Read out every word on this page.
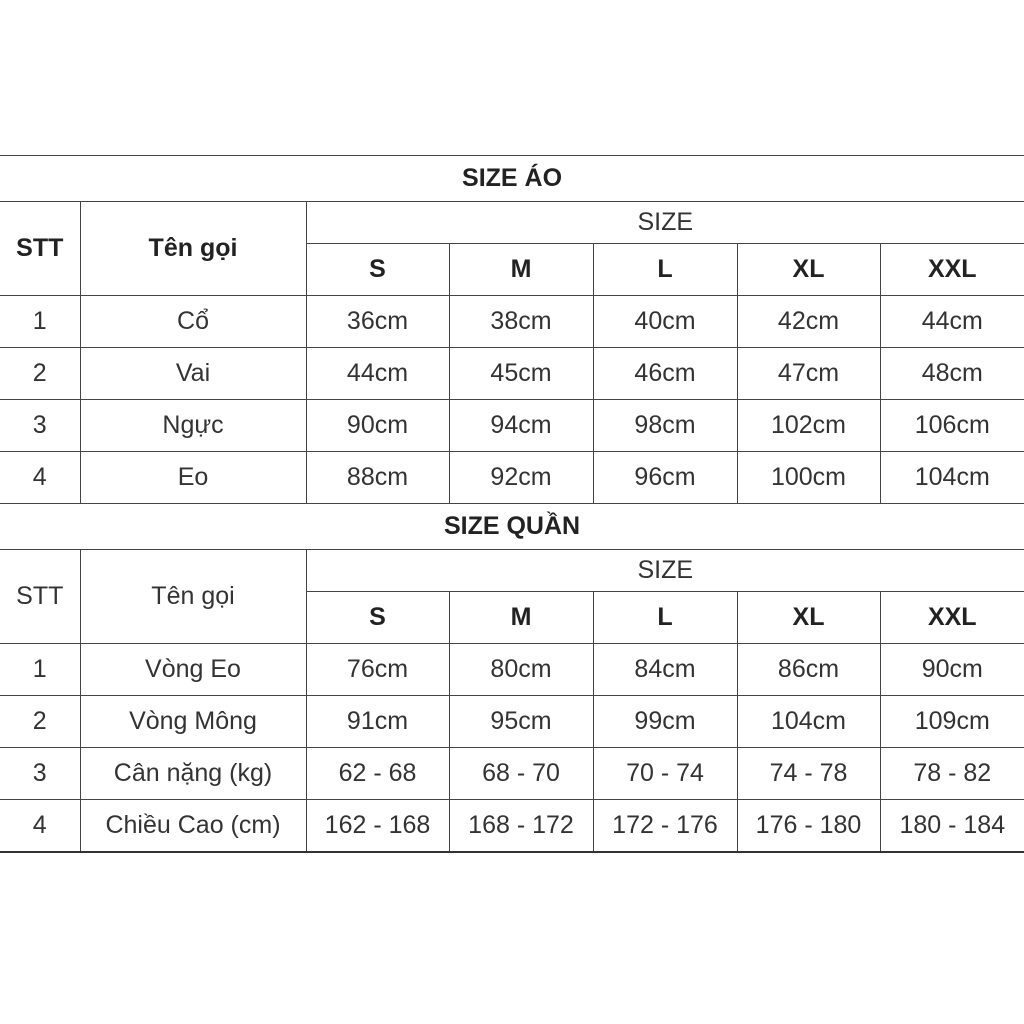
SIZE ÁO						
STT	Tên gọi	SIZE				
		S	M	L	XL	XXL
1	Cổ	36cm	38cm	40cm	42cm	44cm
2	Vai	44cm	45cm	46cm	47cm	48cm
3	Ngực	90cm	94cm	98cm	102cm	106cm
4	Eo	88cm	92cm	96cm	100cm	104cm
SIZE QUẦN						
STT	Tên gọi	SIZE				
		S	M	L	XL	XXL
1	Vòng Eo	76cm	80cm	84cm	86cm	90cm
2	Vòng Mông	91cm	95cm	99cm	104cm	109cm
3	Cân nặng (kg)	62 - 68	68 - 70	70 - 74	74 - 78	78 - 82
4	Chiều Cao (cm)	162 - 168	168 - 172	172 - 176	176 - 180	180 - 184
